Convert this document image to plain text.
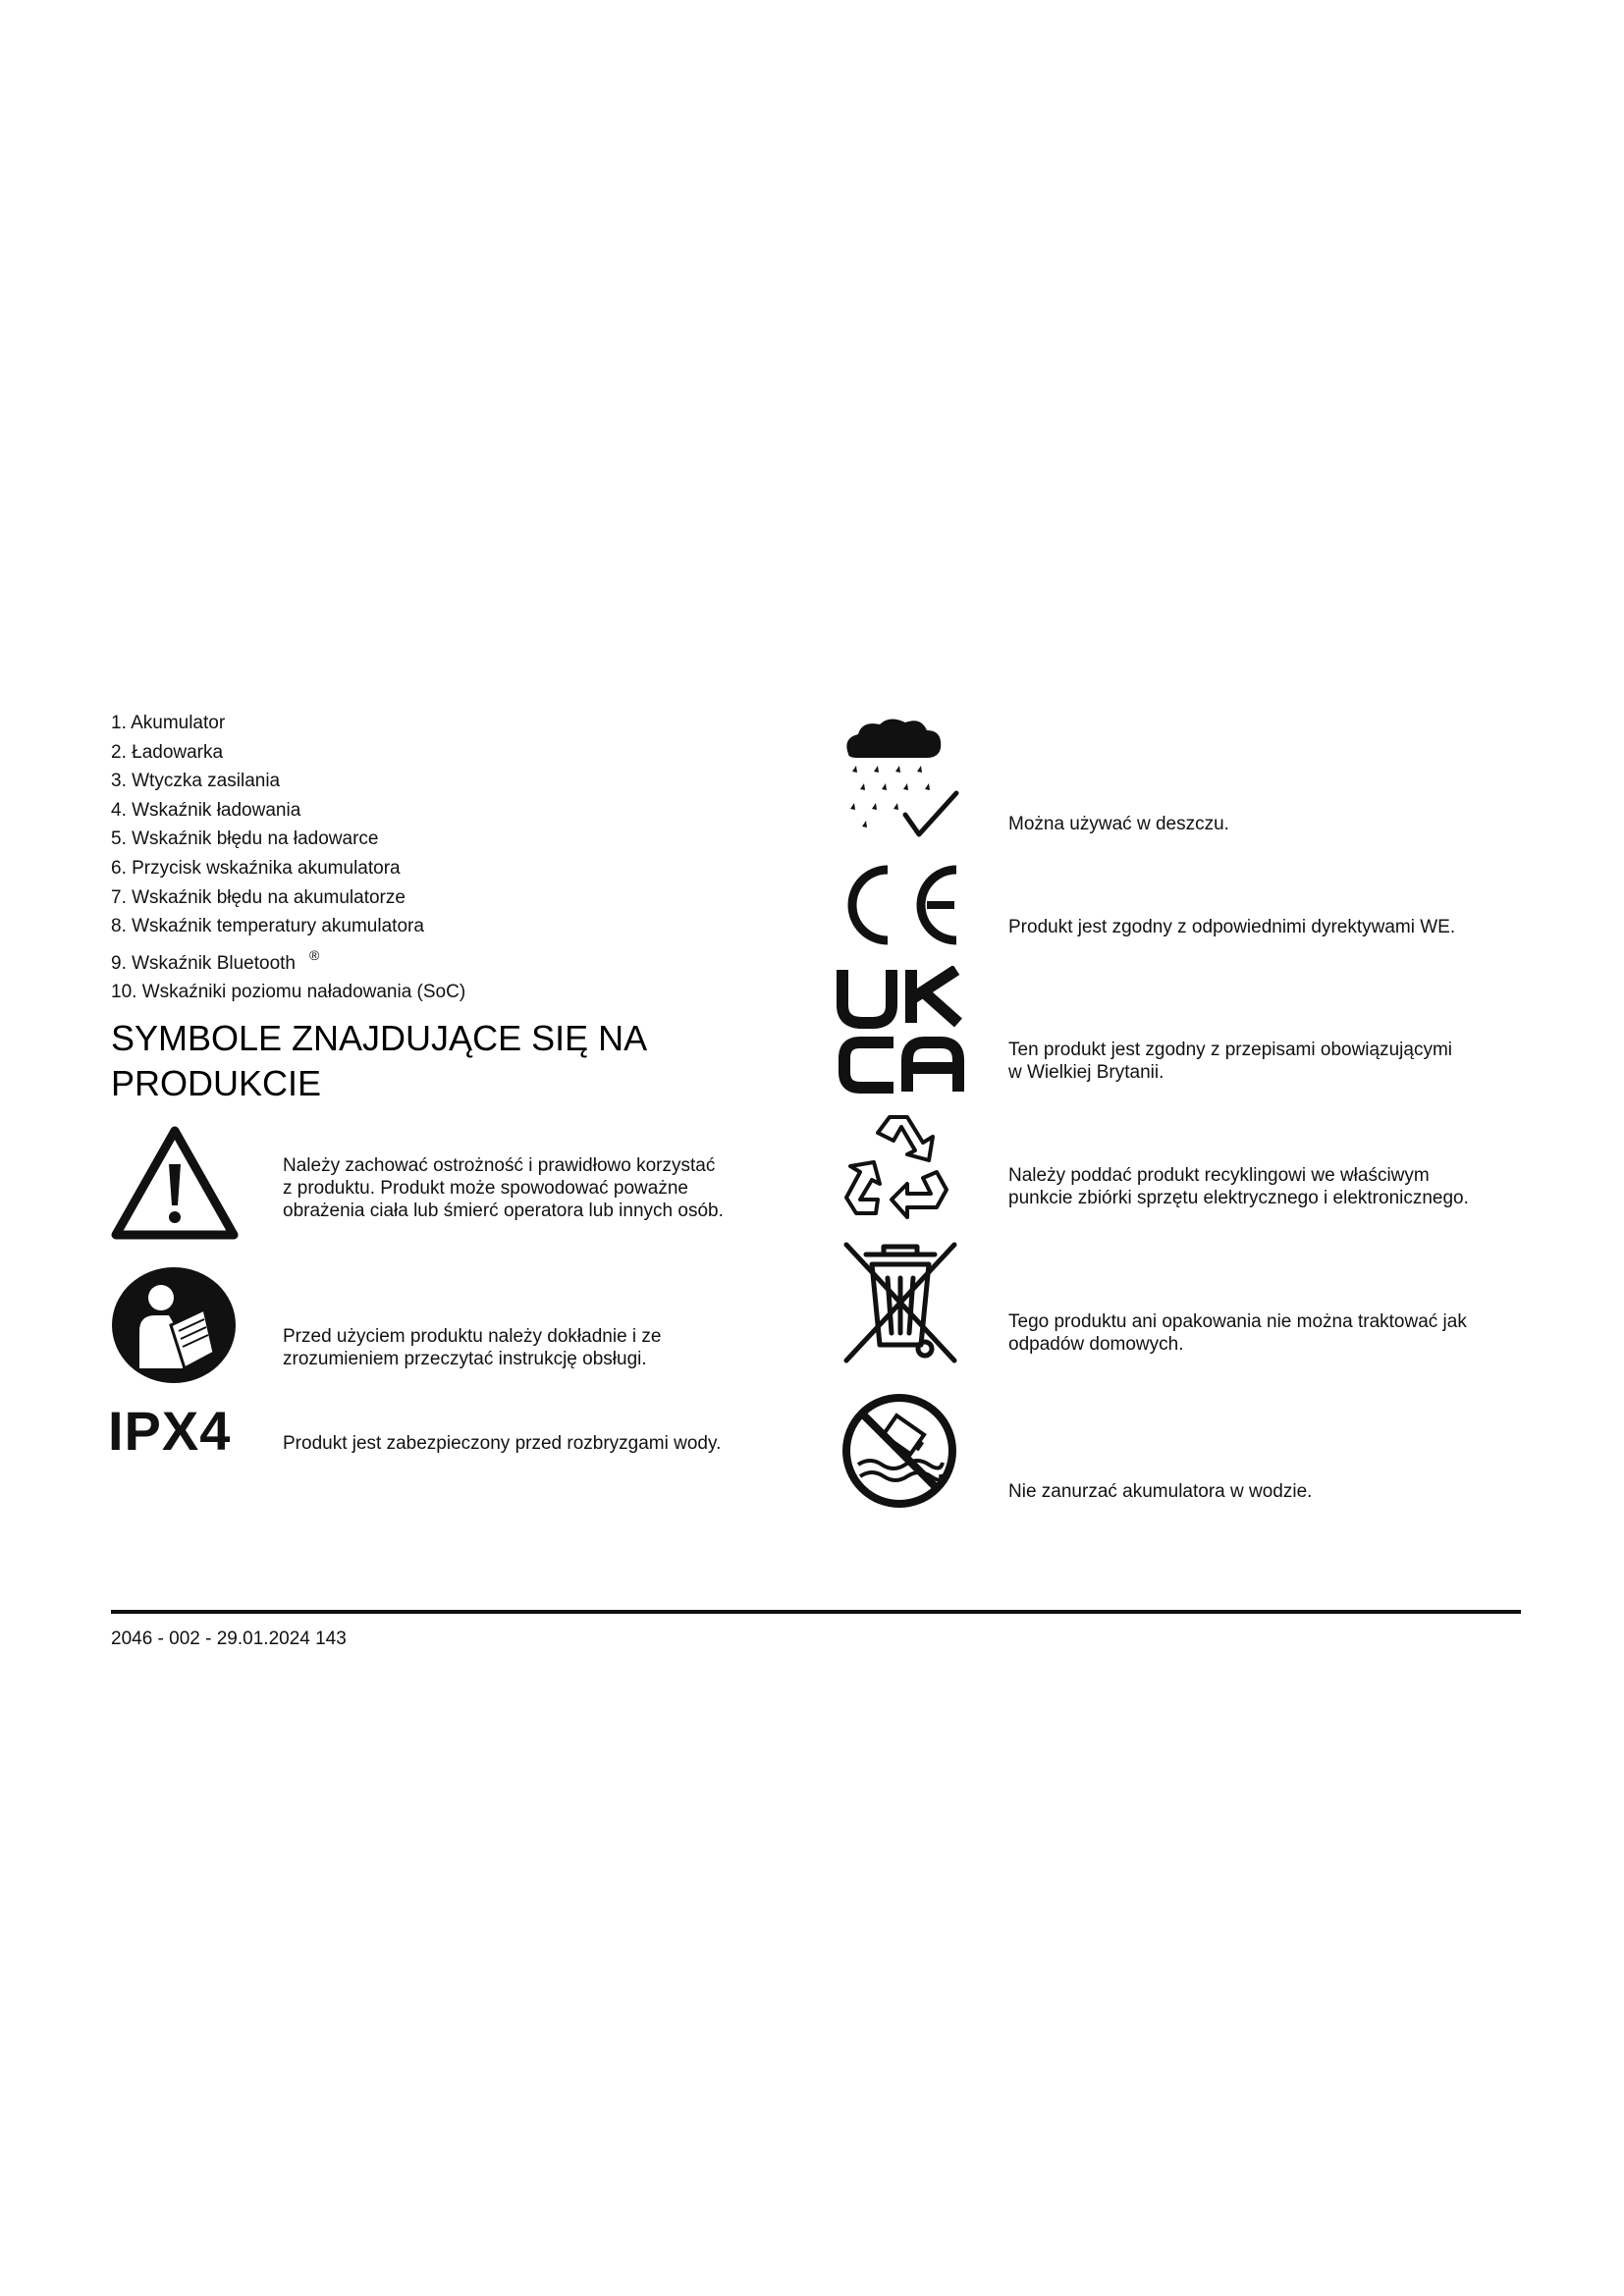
1. Akumulator
2. Ładowarka
3. Wtyczka zasilania
4. Wskaźnik ładowania
5. Wskaźnik błędu na ładowarce
6. Przycisk wskaźnika akumulatora
7. Wskaźnik błędu na akumulatorze
8. Wskaźnik temperatury akumulatora
9. Wskaźnik Bluetooth ®
10. Wskaźniki poziomu naładowania (SoC)
SYMBOLE ZNAJDUJĄCE SIĘ NA PRODUKCIE
Należy zachować ostrożność i prawidłowo korzystać
z produktu. Produkt może spowodować poważne
obrażenia ciała lub śmierć operatora lub innych osób.
Przed użyciem produktu należy dokładnie i ze
zrozumieniem przeczytać instrukcję obsługi.
IPX4	Produkt jest zabezpieczony przed rozbryzgami wody.
Można używać w deszczu.
Produkt jest zgodny z odpowiednimi dyrektywami WE.
Ten produkt jest zgodny z przepisami obowiązującymi
w Wielkiej Brytanii.
Należy poddać produkt recyklingowi we właściwym
punkcie zbiórki sprzętu elektrycznego i elektronicznego.
Tego produktu ani opakowania nie można traktować jak
odpadów domowych.
Nie zanurzać akumulatora w wodzie.
2046 - 002 - 29.01.2024 143
